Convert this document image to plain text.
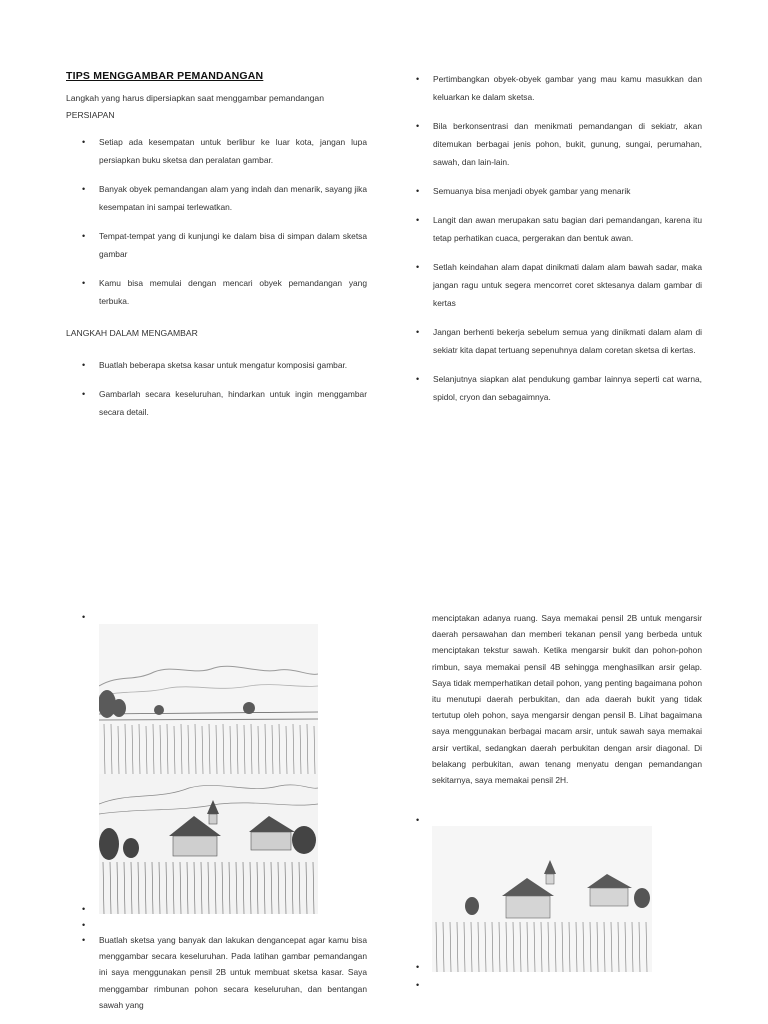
TIPS MENGGAMBAR PEMANDANGAN
Langkah yang harus dipersiapkan saat menggambar pemandangan
PERSIAPAN
• Setiap ada kesempatan untuk berlibur ke luar kota, jangan lupa persiapkan buku sketsa dan peralatan gambar.
• Banyak obyek pemandangan alam yang indah dan menarik, sayang jika kesempatan ini sampai terlewatkan.
• Tempat-tempat yang di kunjungi ke dalam bisa di simpan dalam sketsa gambar
• Kamu bisa memulai dengan mencari obyek pemandangan yang terbuka.
LANGKAH DALAM MENGAMBAR
• Buatlah beberapa sketsa kasar untuk mengatur komposisi gambar.
• Gambarlah secara keseluruhan, hindarkan untuk ingin menggambar secara detail.
• Pertimbangkan obyek-obyek gambar yang mau kamu masukkan dan keluarkan ke dalam sketsa.
• Bila berkonsentrasi dan menikmati pemandangan di sekiatr, akan ditemukan berbagai jenis pohon, bukit, gunung, sungai, perumahan, sawah, dan lain-lain.
• Semuanya bisa menjadi obyek gambar yang menarik
• Langit dan awan merupakan satu bagian dari pemandangan, karena itu tetap perhatikan cuaca, pergerakan dan bentuk awan.
• Setlah keindahan alam dapat dinikmati dalam alam bawah sadar, maka jangan ragu untuk segera mencorret coret sktesanya dalam gambar di kertas
• Jangan berhenti bekerja sebelum semua yang dinikmati dalam alam di sekiatr kita dapat tertuang sepenuhnya dalam coretan sketsa di kertas.
• Selanjutnya siapkan alat pendukung gambar lainnya seperti cat warna, spidol, cryon dan sebagaimnya.
•
•
•
• Buatlah sketsa yang banyak dan lakukan dengancepat agar kamu bisa menggambar secara keseluruhan. Pada latihan gambar pemandangan ini saya menggunakan pensil 2B untuk membuat sketsa kasar. Saya menggambar rimbunan pohon secara keseluruhan, dan bentangan sawah yang
menciptakan adanya ruang. Saya memakai pensil 2B untuk mengarsir daerah persawahan dan memberi tekanan pensil yang berbeda untuk menciptakan tekstur sawah. Ketika mengarsir bukit dan pohon-pohon rimbun, saya memakai pensil 4B sehingga menghasilkan arsir gelap. Saya tidak memperhatikan detail pohon, yang penting bagaimana pohon itu menutupi daerah perbukitan, dan ada daerah bukit yang tidak tertutup oleh pohon, saya mengarsir dengan pensil B. Lihat bagaimana saya menggunakan berbagai macam arsir, untuk sawah saya memakai arsir vertikal, sedangkan daerah perbukitan dengan arsir diagonal. Di belakang perbukitan, awan tenang menyatu dengan pemandangan sekitarnya, saya memakai pensil 2H.
•
•
•
